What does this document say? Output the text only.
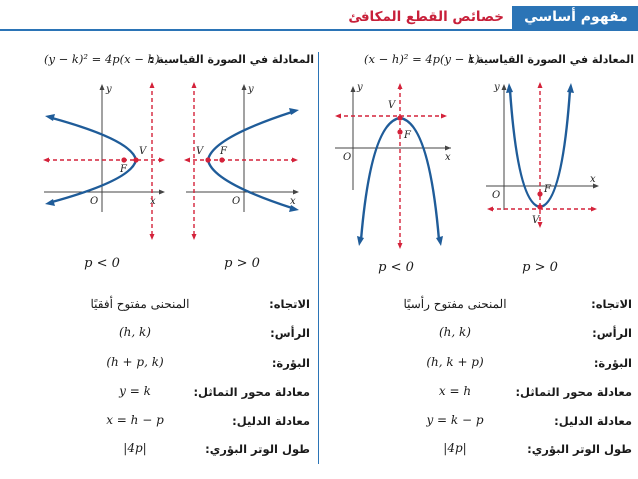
مفهوم أساسي
خصائص القطع المكافئ
(x − h)² = 4p(y − k)
المعادلة في الصورة القياسية :
y
x
O
V
F
y
x
O
F
V
p < 0	p > 0
الاتجاه:
المنحنى مفتوح رأسيًا
الرأس:
(h, k)
البؤرة:
(h, k + p)
معادلة محور التماثل:
x = h
معادلة الدليل:
y = k − p
طول الوتر البؤري:
|4p|
(y − k)² = 4p(x − h)
المعادلة في الصورة القياسية :
y
x
O
V
F
y
x
O
V F
p < 0	p > 0
الاتجاه:
المنحنى مفتوح أفقيًا
الرأس:
(h, k)
البؤرة:
(h + p, k)
معادلة محور التماثل:
y = k
معادلة الدليل:
x = h − p
طول الوتر البؤري:
|4p|
